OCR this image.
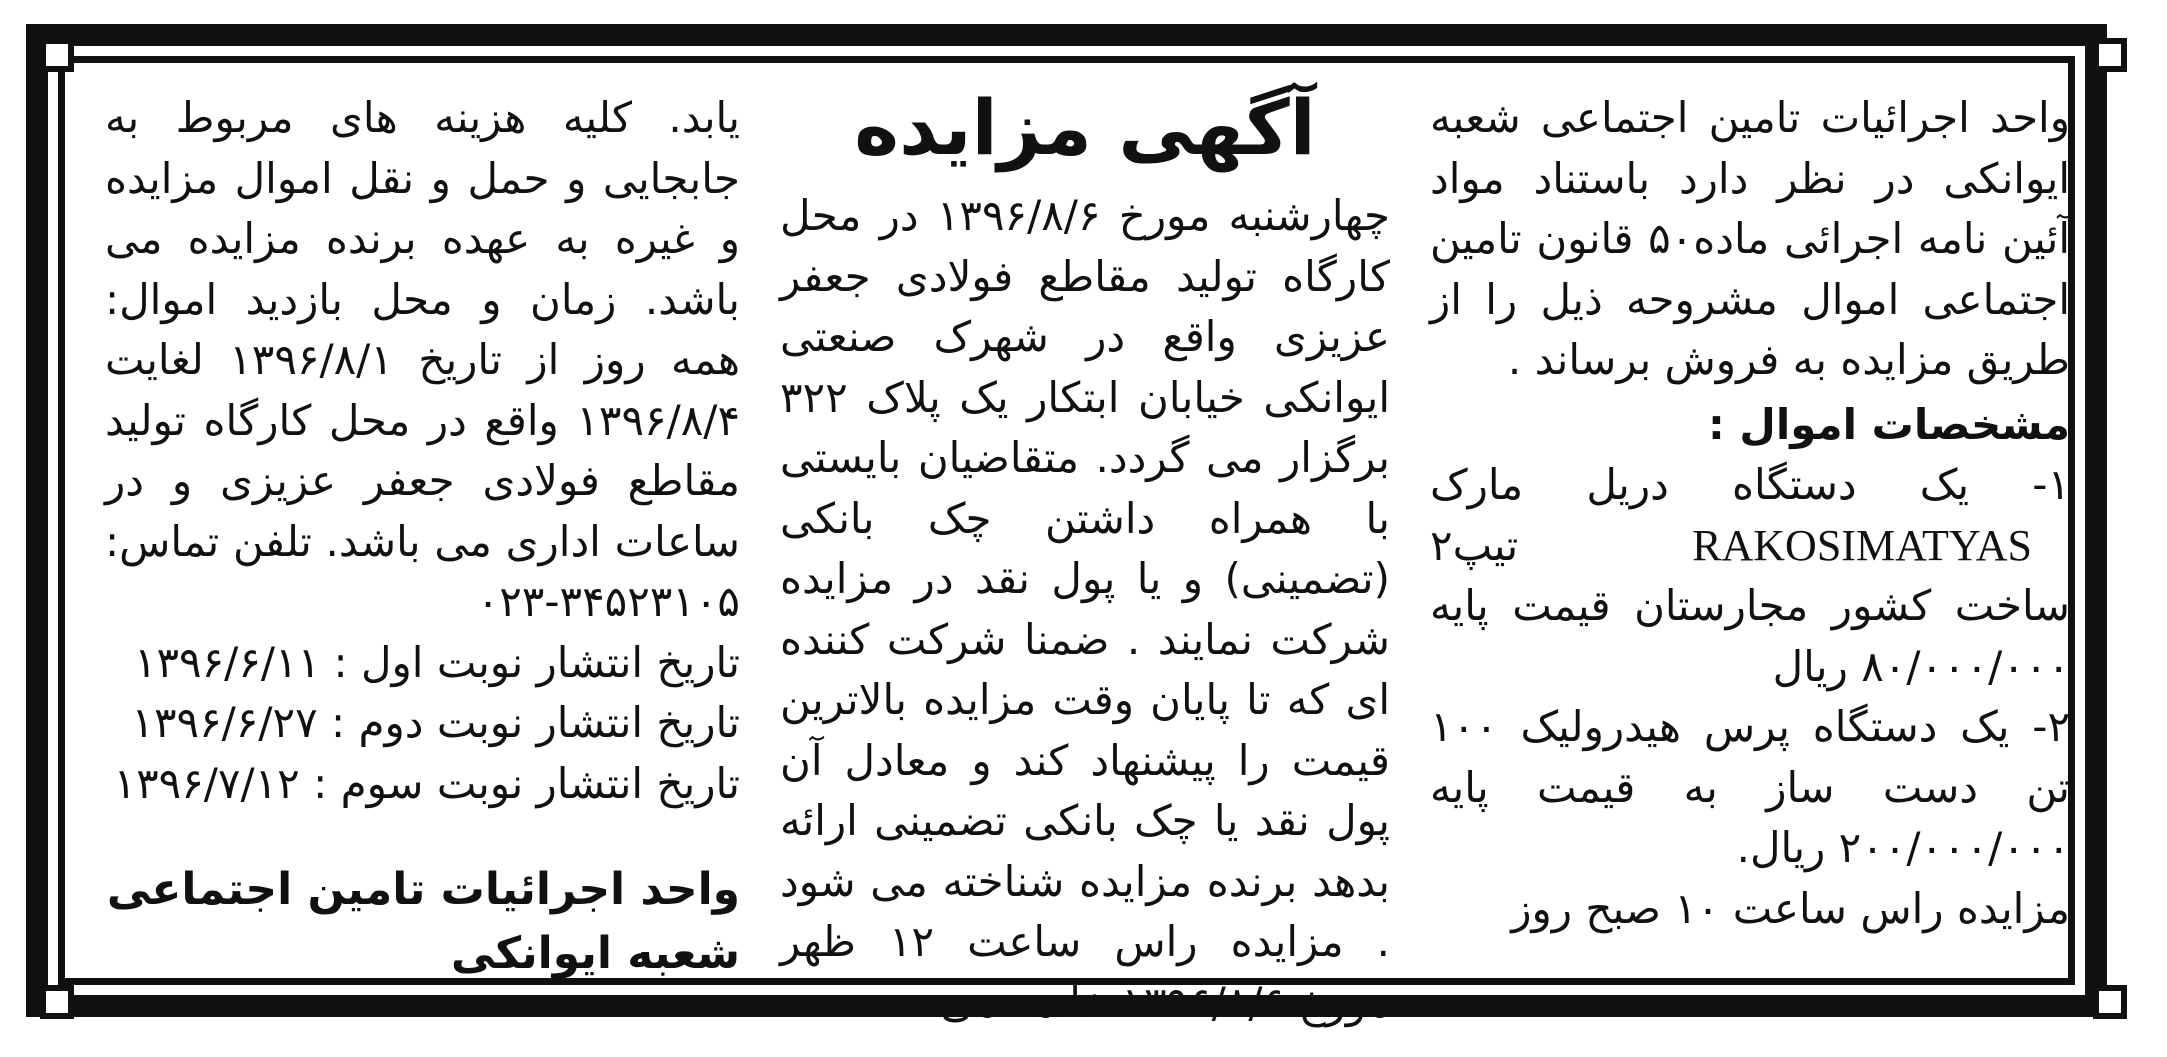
واحد اجرائیات تامین اجتماعی شعبه ایوانکی در نظر دارد باستناد مواد آئین نامه اجرائی ماده۵۰ قانون تامین اجتماعی اموال مشروحه ذیل را از طریق مزایده به فروش برساند .

مشخصات اموال :

۱- یک دستگاه دریل مارک RAKOSIMATYAS تیپ۲ ساخت کشور مجارستان قیمت پایه ۸۰/۰۰۰/۰۰۰ ریال

۲- یک دستگاه پرس هیدرولیک ۱۰۰ تن دست ساز به قیمت پایه ۲۰۰/۰۰۰/۰۰۰ ریال.

مزایده راس ساعت ۱۰ صبح روز

آگهی مزایده

چهارشنبه مورخ ۱۳۹۶/۸/۶ در محل کارگاه تولید مقاطع فولادی جعفر عزیزی واقع در شهرک صنعتی ایوانکی خیابان ابتکار یک پلاک ۳۲۲ برگزار می گردد. متقاضیان بایستی با همراه داشتن چک بانکی (تضمینی) و یا پول نقد در مزایده شرکت نمایند . ضمنا شرکت کننده ای که تا پایان وقت مزایده بالاترین قیمت را پیشنهاد کند و معادل آن پول نقد یا چک بانکی تضمینی ارائه بدهد برنده مزایده شناخته می شود . مزایده راس ساعت ۱۲ ظهر مورخ ۱۳۹۶/۸/۶ خاتمه می

یابد. کلیه هزینه های مربوط به جابجایی و حمل و نقل اموال مزایده و غیره به عهده برنده مزایده می باشد. زمان و محل بازدید اموال: همه روز از تاریخ ۱۳۹۶/۸/۱ لغایت ۱۳۹۶/۸/۴ واقع در محل کارگاه تولید مقاطع فولادی جعفر عزیزی و در ساعات اداری می باشد. تلفن تماس: ۰۲۳-۳۴۵۲۳۱۰۵

تاریخ انتشار نوبت اول : ۱۳۹۶/۶/۱۱

تاریخ انتشار نوبت دوم : ۱۳۹۶/۶/۲۷

تاریخ انتشار نوبت سوم : ۱۳۹۶/۷/۱۲

واحد اجرائیات تامین اجتماعی
شعبه ایوانکی
